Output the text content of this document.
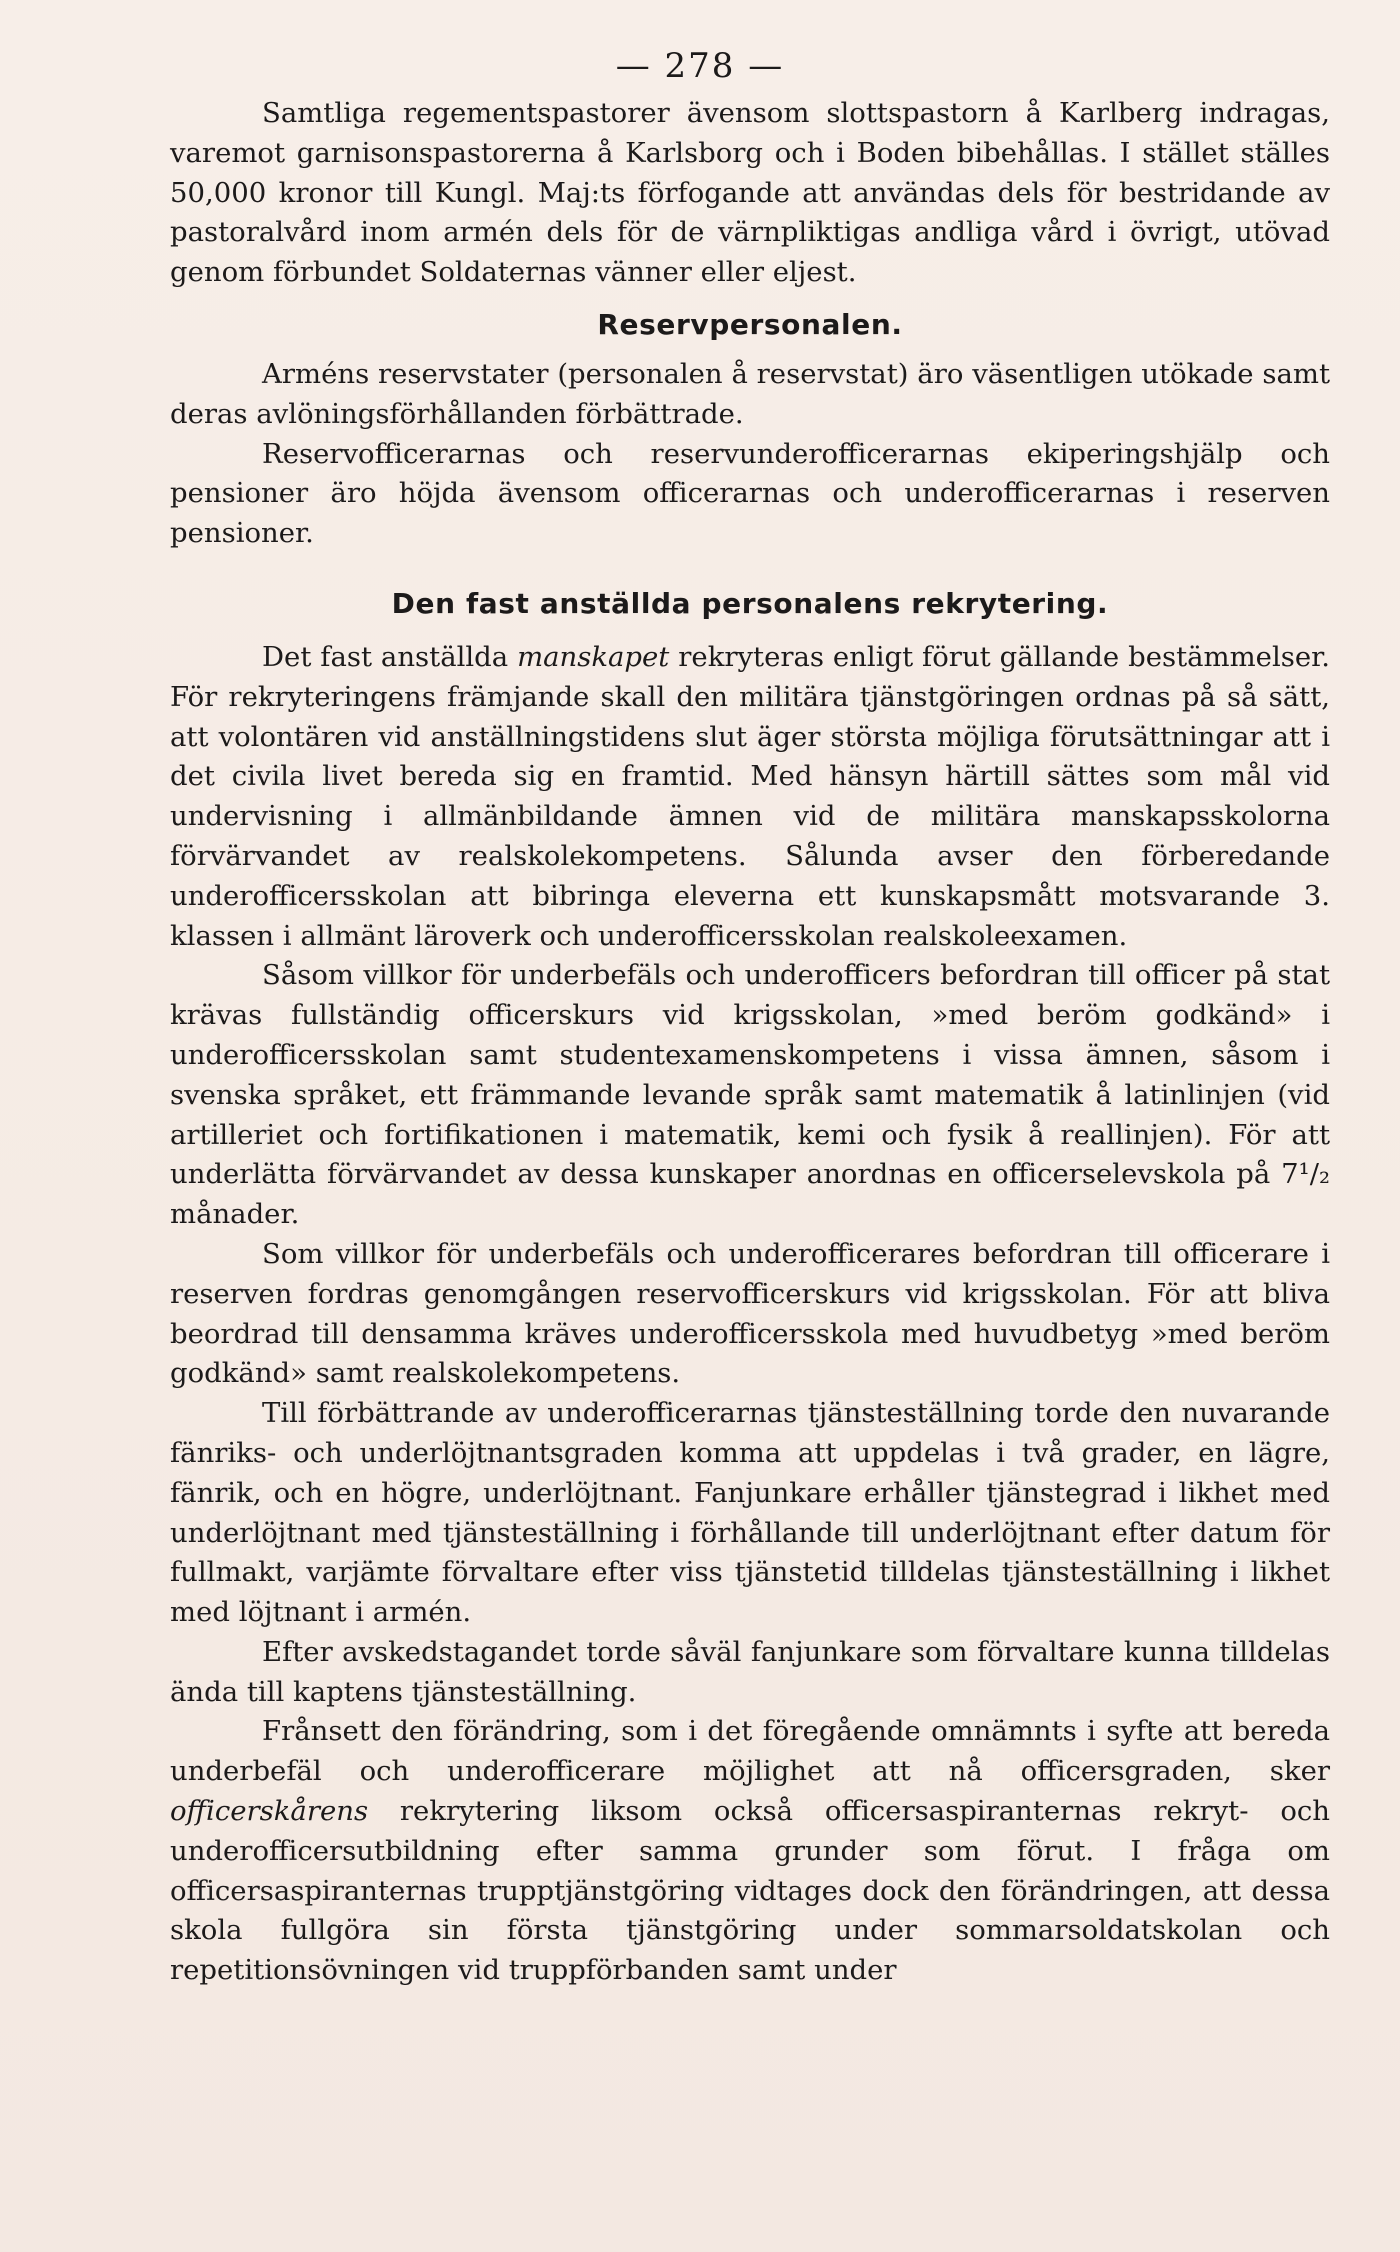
— 278 —

Samtliga regementspastorer ävensom slottspastorn å Karlberg indragas, varemot garnisonspastorerna å Karlsborg och i Boden bibehållas. I stället ställes 50,000 kronor till Kungl. Maj:ts förfogande att användas dels för bestridande av pastoralvård inom armén dels för de värnpliktigas andliga vård i övrigt, utövad genom förbundet Soldaternas vänner eller eljest.

Reservpersonalen.

Arméns reservstater (personalen å reservstat) äro väsentligen utökade samt deras avlöningsförhållanden förbättrade.

Reservofficerarnas och reservunderofficerarnas ekiperingshjälp och pensioner äro höjda ävensom officerarnas och underofficerarnas i reserven pensioner.

Den fast anställda personalens rekrytering.

Det fast anställda manskapet rekryteras enligt förut gällande bestämmelser. För rekryteringens främjande skall den militära tjänstgöringen ordnas på så sätt, att volontären vid anställningstidens slut äger största möjliga förutsättningar att i det civila livet bereda sig en framtid. Med hänsyn härtill sättes som mål vid undervisning i allmänbildande ämnen vid de militära manskapsskolorna förvärvandet av realskolekompetens. Sålunda avser den förberedande underofficersskolan att bibringa eleverna ett kunskapsmått motsvarande 3. klassen i allmänt läroverk och underofficersskolan realskoleexamen.

Såsom villkor för underbefäls och underofficers befordran till officer på stat krävas fullständig officerskurs vid krigsskolan, »med beröm godkänd» i underofficersskolan samt studentexamenskompetens i vissa ämnen, såsom i svenska språket, ett främmande levande språk samt matematik å latinlinjen (vid artilleriet och fortifikationen i matematik, kemi och fysik å reallinjen). För att underlätta förvärvandet av dessa kunskaper anordnas en officerselevskola på 7¹/₂ månader.

Som villkor för underbefäls och underofficerares befordran till officerare i reserven fordras genomgången reservofficerskurs vid krigsskolan. För att bliva beordrad till densamma kräves underofficersskola med huvudbetyg »med beröm godkänd» samt realskolekompetens.

Till förbättrande av underofficerarnas tjänsteställning torde den nuvarande fänriks- och underlöjtnantsgraden komma att uppdelas i två grader, en lägre, fänrik, och en högre, underlöjtnant. Fanjunkare erhåller tjänstegrad i likhet med underlöjtnant med tjänsteställning i förhållande till underlöjtnant efter datum för fullmakt, varjämte förvaltare efter viss tjänstetid tilldelas tjänsteställning i likhet med löjtnant i armén.

Efter avskedstagandet torde såväl fanjunkare som förvaltare kunna tilldelas ända till kaptens tjänsteställning.

Frånsett den förändring, som i det föregående omnämnts i syfte att bereda underbefäl och underofficerare möjlighet att nå officersgraden, sker officerskårens rekrytering liksom också officersaspiranternas rekryt- och underofficersutbildning efter samma grunder som förut. I fråga om officersaspiranternas trupptjänstgöring vidtages dock den förändringen, att dessa skola fullgöra sin första tjänstgöring under sommarsoldatskolan och repetitionsövningen vid truppförbanden samt under
